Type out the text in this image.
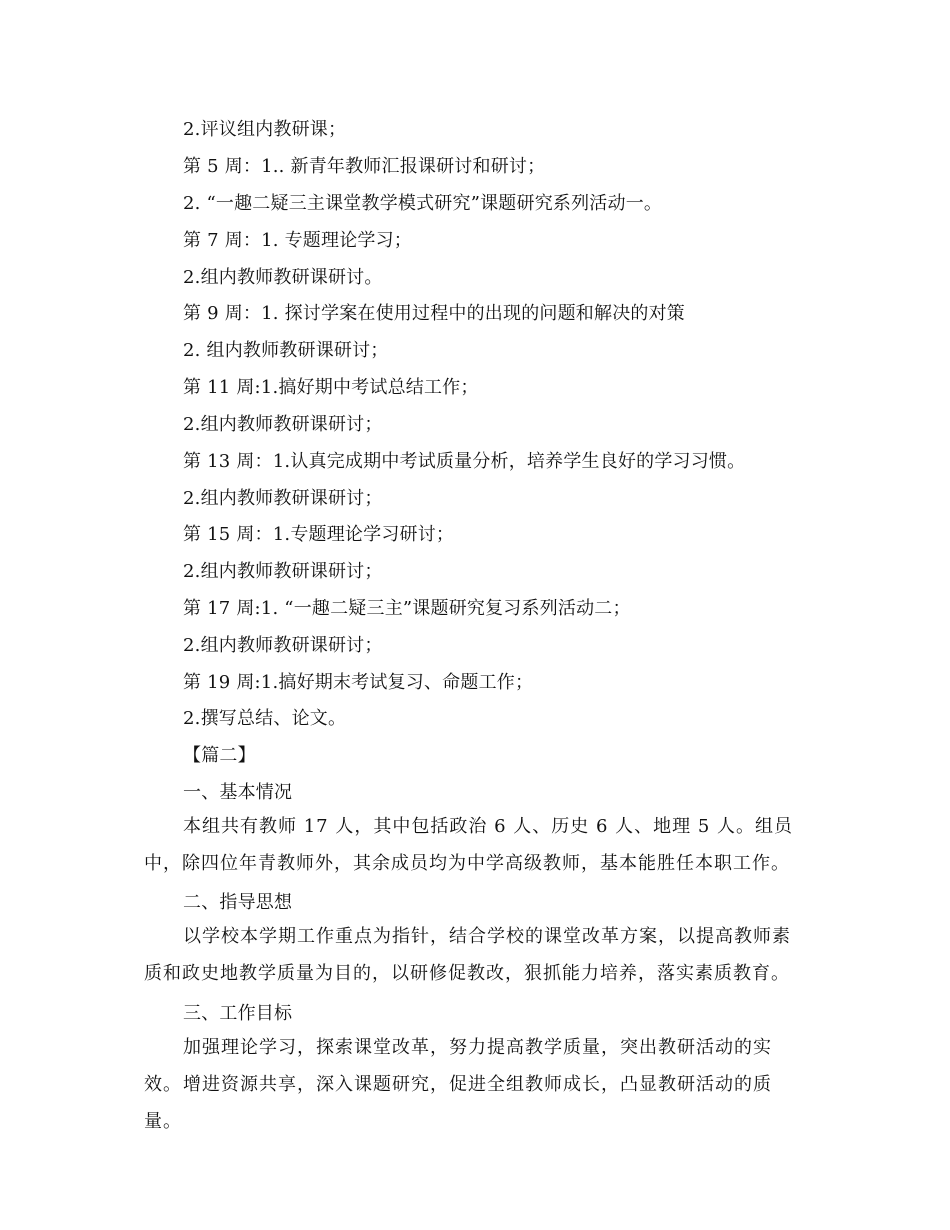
2.评议组内教研课；
第 5 周：1.. 新青年教师汇报课研讨和研讨；
2. “一趣二疑三主课堂教学模式研究”课题研究系列活动一。
第 7 周：1. 专题理论学习；
2.组内教师教研课研讨。
第 9 周：1. 探讨学案在使用过程中的出现的问题和解决的对策
2. 组内教师教研课研讨；
第 11 周:1.搞好期中考试总结工作；
2.组内教师教研课研讨；
第 13 周：1.认真完成期中考试质量分析，培养学生良好的学习习惯。
2.组内教师教研课研讨；
第 15 周：1.专题理论学习研讨；
2.组内教师教研课研讨；
第 17 周:1. “一趣二疑三主”课题研究复习系列活动二；
2.组内教师教研课研讨；
第 19 周:1.搞好期末考试复习、命题工作；
2.撰写总结、论文。
【篇二】
一、基本情况
本组共有教师 17 人，其中包括政治 6 人、历史 6 人、地理 5 人。组员中，除四位年青教师外，其余成员均为中学高级教师，基本能胜任本职工作。
二、指导思想
以学校本学期工作重点为指针，结合学校的课堂改革方案，以提高教师素质和政史地教学质量为目的，以研修促教改，狠抓能力培养，落实素质教育。
三、工作目标
加强理论学习，探索课堂改革，努力提高教学质量，突出教研活动的实效。 增进资源共享，深入课题研究，促进全组教师成长，凸显教研活动的质量。
